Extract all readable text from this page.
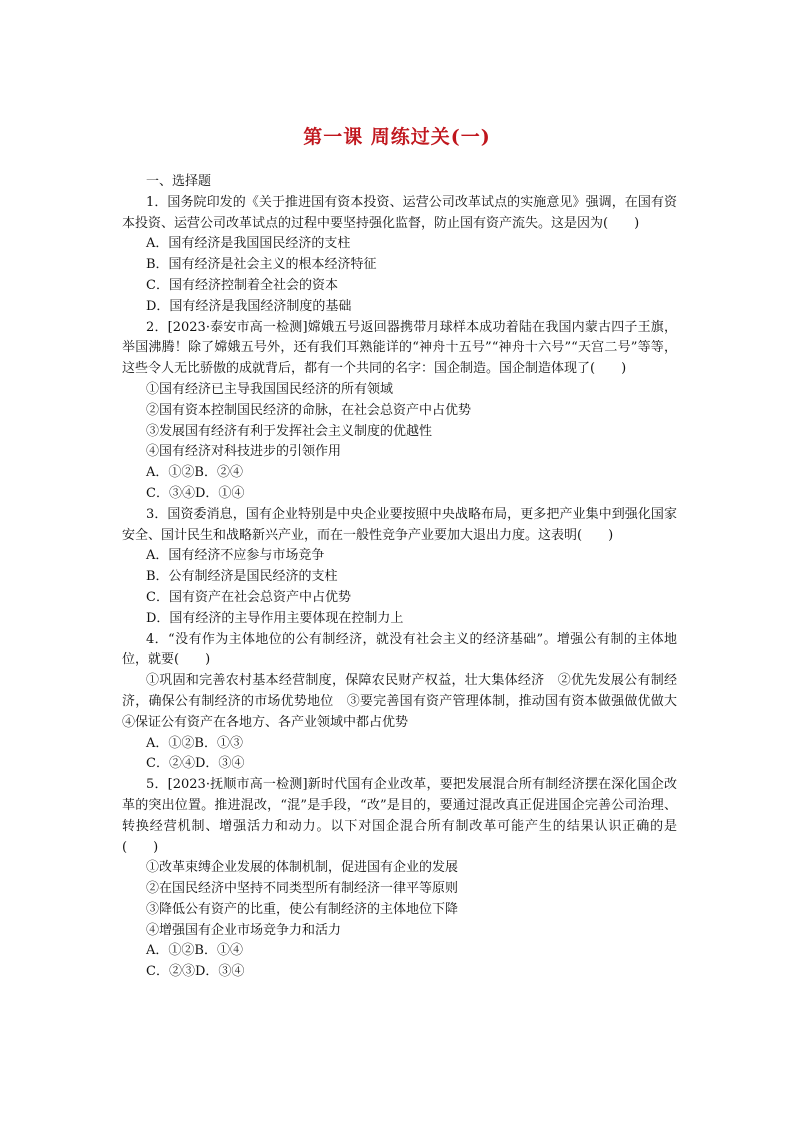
第一课 周练过关(一)
一、选择题
1．国务院印发的《关于推进国有资本投资、运营公司改革试点的实施意见》强调，在国有资本投资、运营公司改革试点的过程中要坚持强化监督，防止国有资产流失。这是因为(　　)
A．国有经济是我国国民经济的支柱
B．国有经济是社会主义的根本经济特征
C．国有经济控制着全社会的资本
D．国有经济是我国经济制度的基础
2．[2023·泰安市高一检测]嫦娥五号返回器携带月球样本成功着陆在我国内蒙古四子王旗，举国沸腾！除了嫦娥五号外，还有我们耳熟能详的“神舟十五号”“神舟十六号”“天宫二号”等等，这些令人无比骄傲的成就背后，都有一个共同的名字：国企制造。国企制造体现了(　　)
①国有经济已主导我国国民经济的所有领域
②国有资本控制国民经济的命脉，在社会总资产中占优势
③发展国有经济有利于发挥社会主义制度的优越性
④国有经济对科技进步的引领作用
A．①②B．②④
C．③④D．①④
3．国资委消息，国有企业特别是中央企业要按照中央战略布局，更多把产业集中到强化国家安全、国计民生和战略新兴产业，而在一般性竞争产业要加大退出力度。这表明(　　)
A．国有经济不应参与市场竞争
B．公有制经济是国民经济的支柱
C．国有资产在社会总资产中占优势
D．国有经济的主导作用主要体现在控制力上
4．“没有作为主体地位的公有制经济，就没有社会主义的经济基础”。增强公有制的主体地位，就要(　　)
①巩固和完善农村基本经营制度，保障农民财产权益，壮大集体经济　②优先发展公有制经济，确保公有制经济的市场优势地位　③要完善国有资产管理体制，推动国有资本做强做优做大　④保证公有资产在各地方、各产业领域中都占优势
A．①②B．①③
C．②④D．③④
5．[2023·抚顺市高一检测]新时代国有企业改革，要把发展混合所有制经济摆在深化国企改革的突出位置。推进混改，“混”是手段，“改”是目的，要通过混改真正促进国企完善公司治理、转换经营机制、增强活力和动力。以下对国企混合所有制改革可能产生的结果认识正确的是(　　)
①改革束缚企业发展的体制机制，促进国有企业的发展
②在国民经济中坚持不同类型所有制经济一律平等原则
③降低公有资产的比重，使公有制经济的主体地位下降
④增强国有企业市场竞争力和活力
A．①②B．①④
C．②③D．③④
